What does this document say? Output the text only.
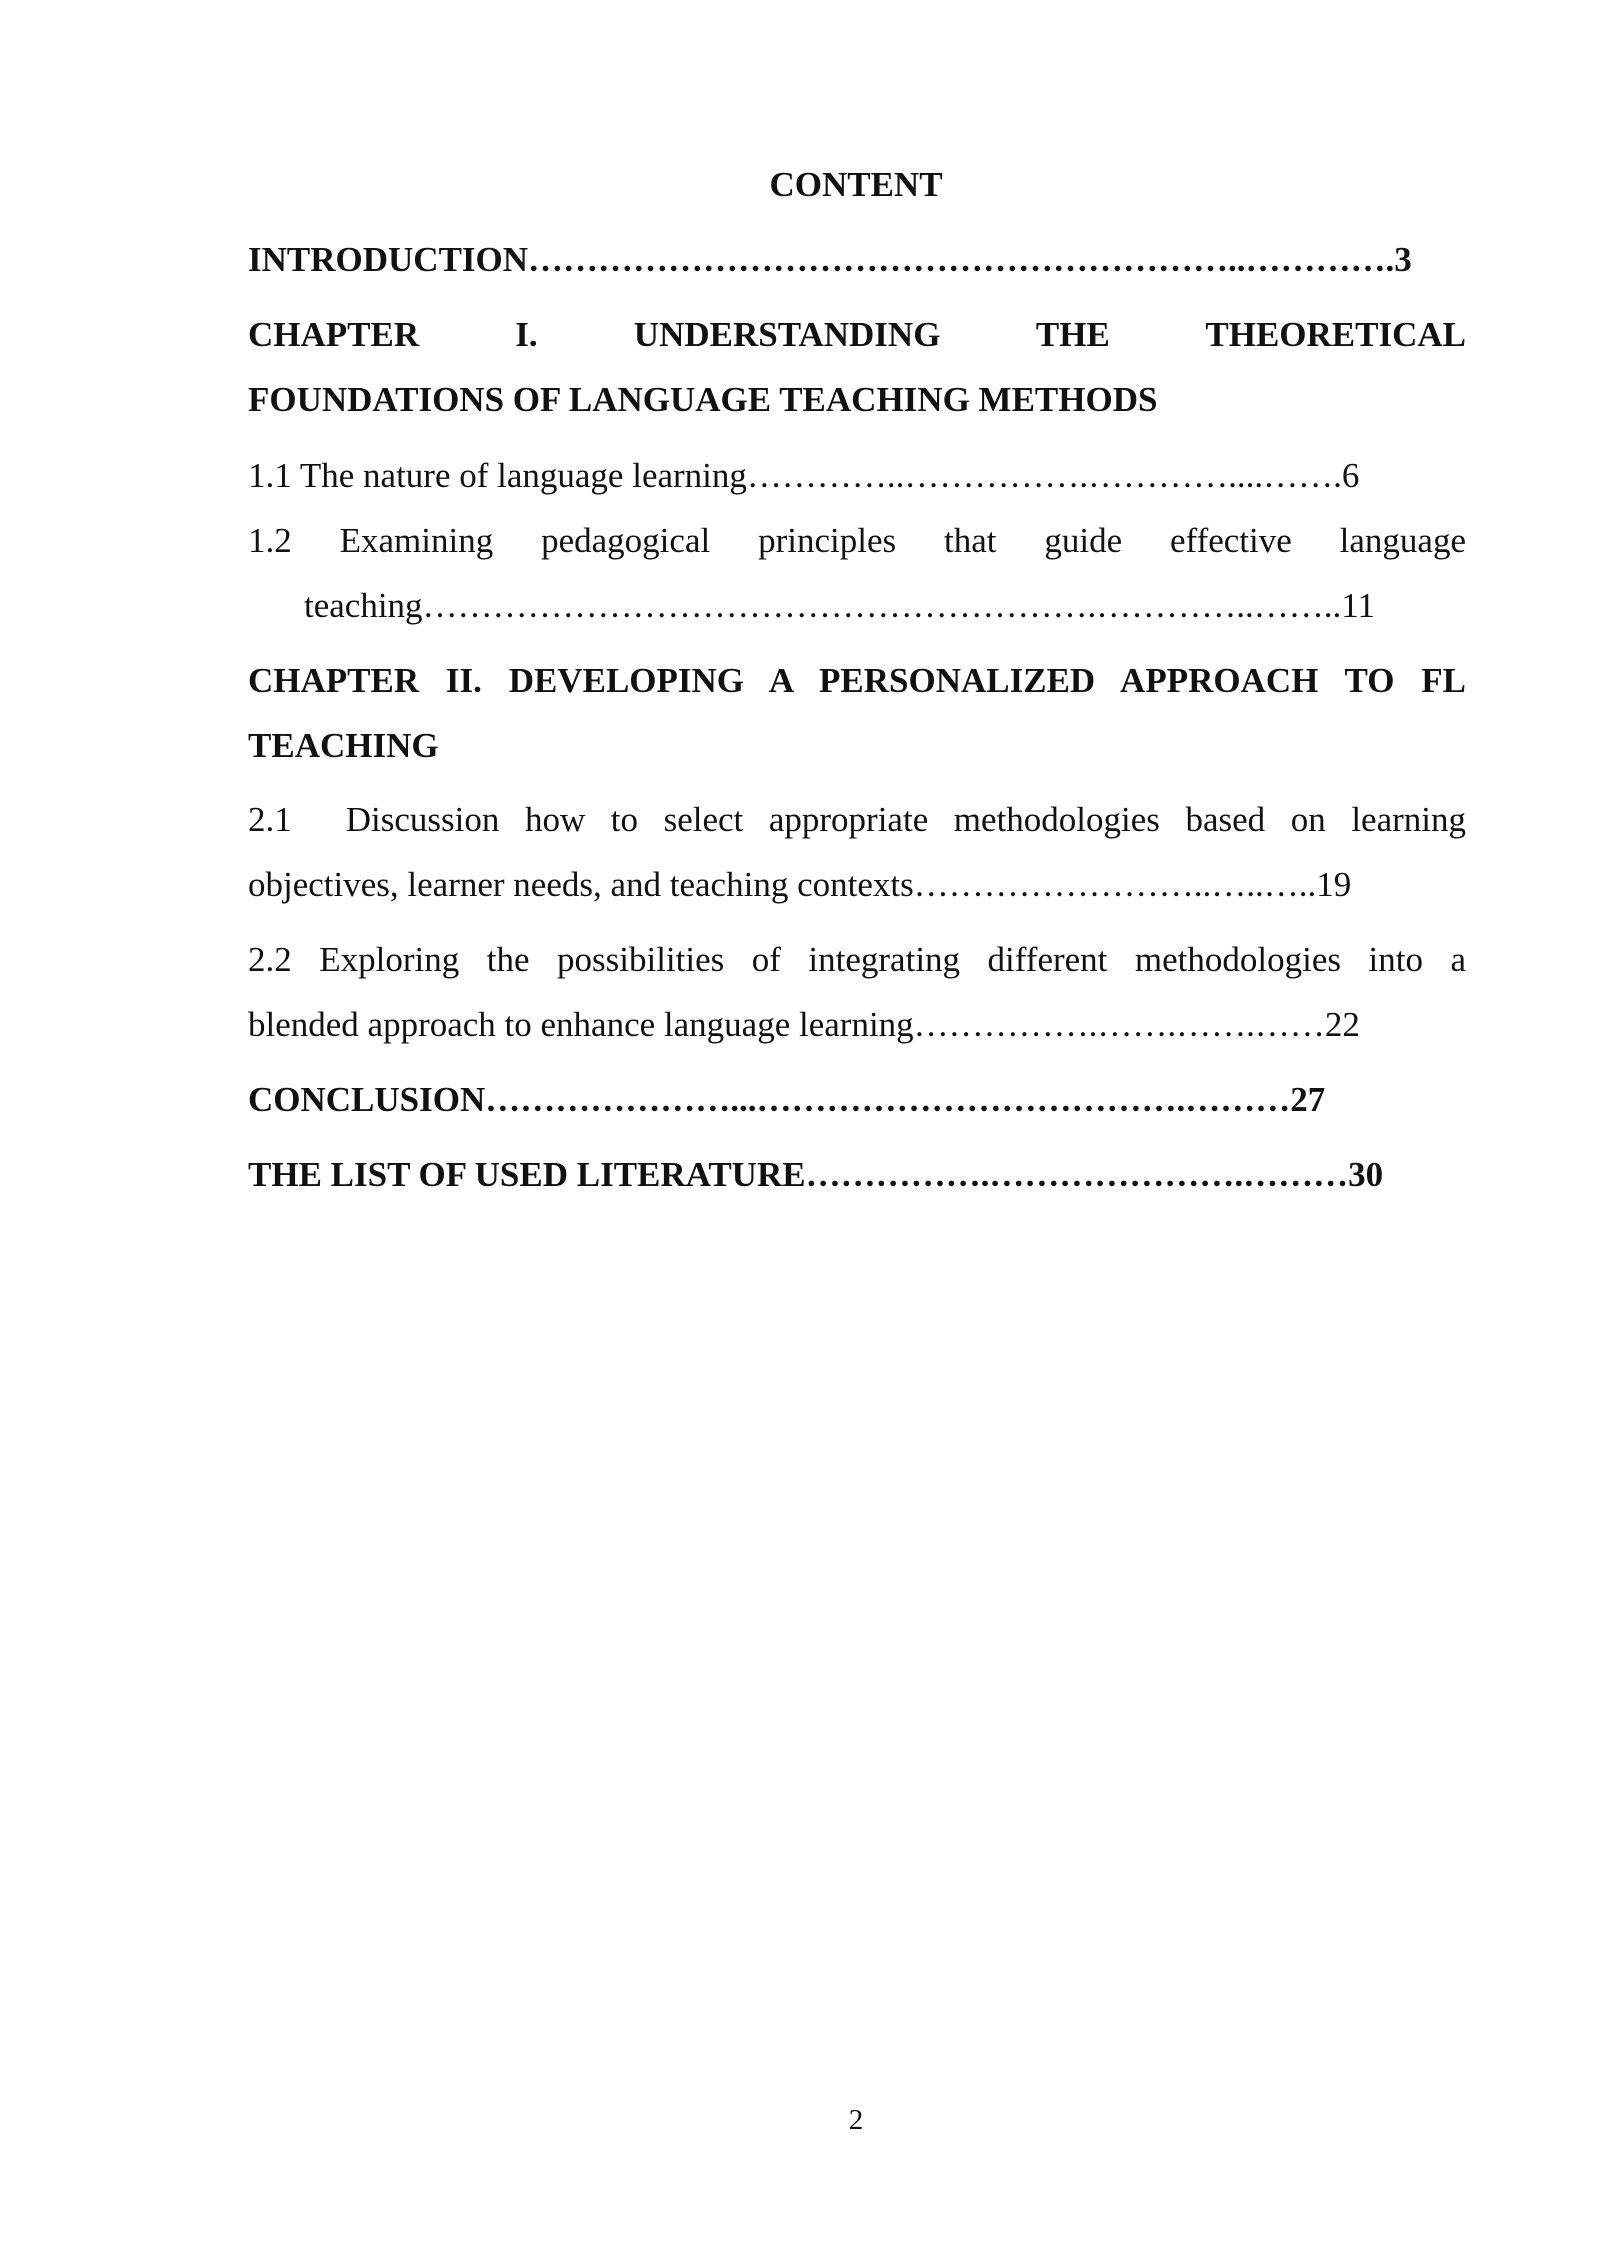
CONTENT
INTRODUCTION……………………………………………………..………….3
CHAPTER I. UNDERSTANDING THE THEORETICAL
FOUNDATIONS OF LANGUAGE TEACHING METHODS
1.1 The nature of language learning…………..…………….…………....…….6
1.2 Examining pedagogical principles that guide effective language
teaching………………………………………………….…………..……..11
CHAPTER II. DEVELOPING A PERSONALIZED APPROACH TO FL
TEACHING
2.1 Discussion how to select appropriate methodologies based on learning
objectives, learner needs, and teaching contexts……………………..…..…..19
2.2 Exploring the possibilities of integrating different methodologies into a
blended approach to enhance language learning…………….…….…….……22
CONCLUSION…………………...……………………………….………27
THE LIST OF USED LITERATURE…………….………………….………30
2
